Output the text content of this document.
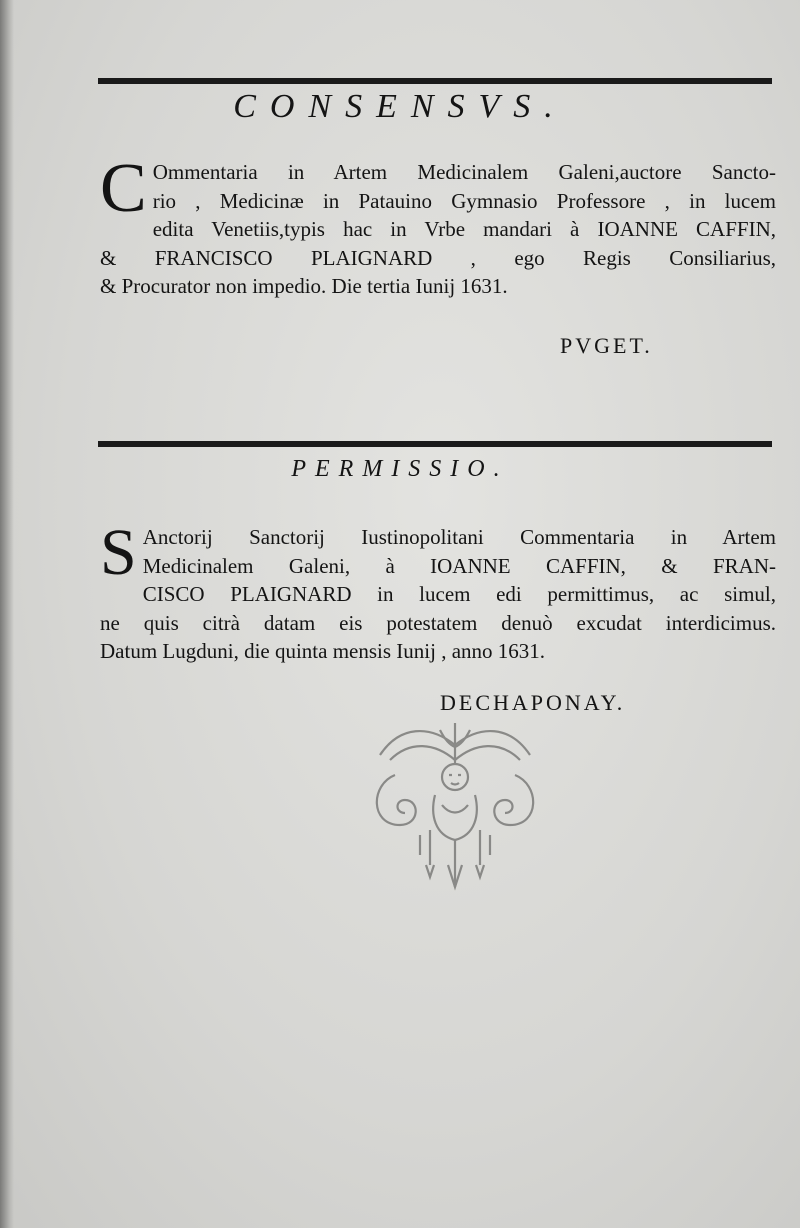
CONSENSVS.
C Ommentaria in Artem Medicinalem Galeni,auctore Sancto-
rio , Medicinæ in Patauino Gymnasio Professore , in lucem
edita Venetiis,typis hac in Vrbe mandari à IOANNE CAFFIN,
& FRANCISCO PLAIGNARD , ego Regis Consiliarius,
& Procurator non impedio. Die tertia Iunij 1631.
PVGET.
PERMISSIO.
S Anctorij Sanctorij Iustinopolitani Commentaria in Artem
Medicinalem Galeni, à IOANNE CAFFIN, & FRAN-
CISCO PLAIGNARD in lucem edi permittimus, ac simul,
ne quis citrà datam eis potestatem denuò excudat interdicimus.
Datum Lugduni, die quinta mensis Iunij , anno 1631.
DECHAPONAY.
